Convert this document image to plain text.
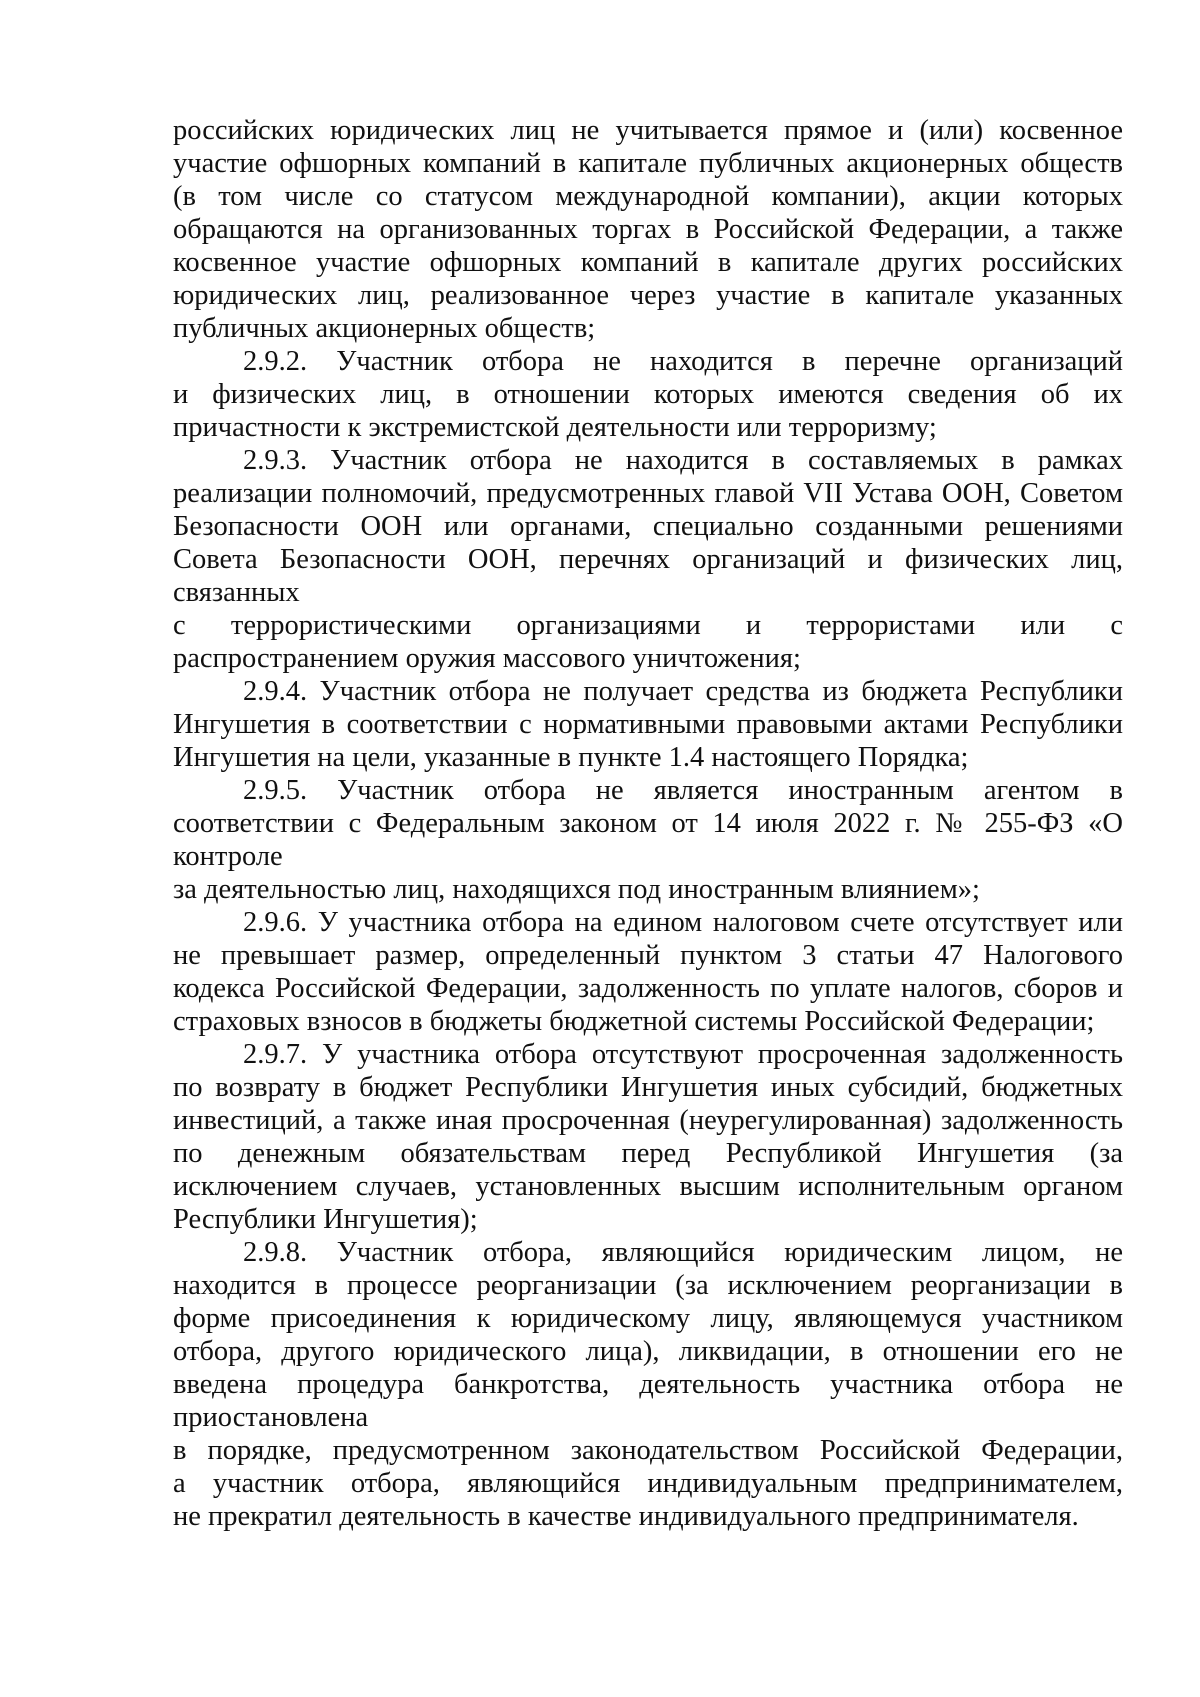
российских юридических лиц не учитывается прямое и (или) косвенное
участие офшорных компаний в капитале публичных акционерных обществ
(в том числе со статусом международной компании), акции которых
обращаются на организованных торгах в Российской Федерации, а также
косвенное участие офшорных компаний в капитале других российских
юридических лиц, реализованное через участие в капитале указанных
публичных акционерных обществ;
2.9.2. Участник отбора не находится в перечне организаций
и физических лиц, в отношении которых имеются сведения об их
причастности к экстремистской деятельности или терроризму;
2.9.3. Участник отбора не находится в составляемых в рамках
реализации полномочий, предусмотренных главой VII Устава ООН, Советом
Безопасности ООН или органами, специально созданными решениями
Совета Безопасности ООН, перечнях организаций и физических лиц,
связанных
с террористическими организациями и террористами или с
распространением оружия массового уничтожения;
2.9.4. Участник отбора не получает средства из бюджета Республики
Ингушетия в соответствии с нормативными правовыми актами Республики
Ингушетия на цели, указанные в пункте 1.4 настоящего Порядка;
2.9.5. Участник отбора не является иностранным агентом в
соответствии с Федеральным законом от 14 июля 2022 г. № 255-ФЗ «О
контроле
за деятельностью лиц, находящихся под иностранным влиянием»;
2.9.6. У участника отбора на едином налоговом счете отсутствует или
не превышает размер, определенный пунктом 3 статьи 47 Налогового
кодекса Российской Федерации, задолженность по уплате налогов, сборов и
страховых взносов в бюджеты бюджетной системы Российской Федерации;
2.9.7. У участника отбора отсутствуют просроченная задолженность
по возврату в бюджет Республики Ингушетия иных субсидий, бюджетных
инвестиций, а также иная просроченная (неурегулированная) задолженность
по денежным обязательствам перед Республикой Ингушетия (за
исключением случаев, установленных высшим исполнительным органом
Республики Ингушетия);
2.9.8. Участник отбора, являющийся юридическим лицом, не
находится в процессе реорганизации (за исключением реорганизации в
форме присоединения к юридическому лицу, являющемуся участником
отбора, другого юридического лица), ликвидации, в отношении его не
введена процедура банкротства, деятельность участника отбора не
приостановлена
в порядке, предусмотренном законодательством Российской Федерации,
а участник отбора, являющийся индивидуальным предпринимателем,
не прекратил деятельность в качестве индивидуального предпринимателя.
